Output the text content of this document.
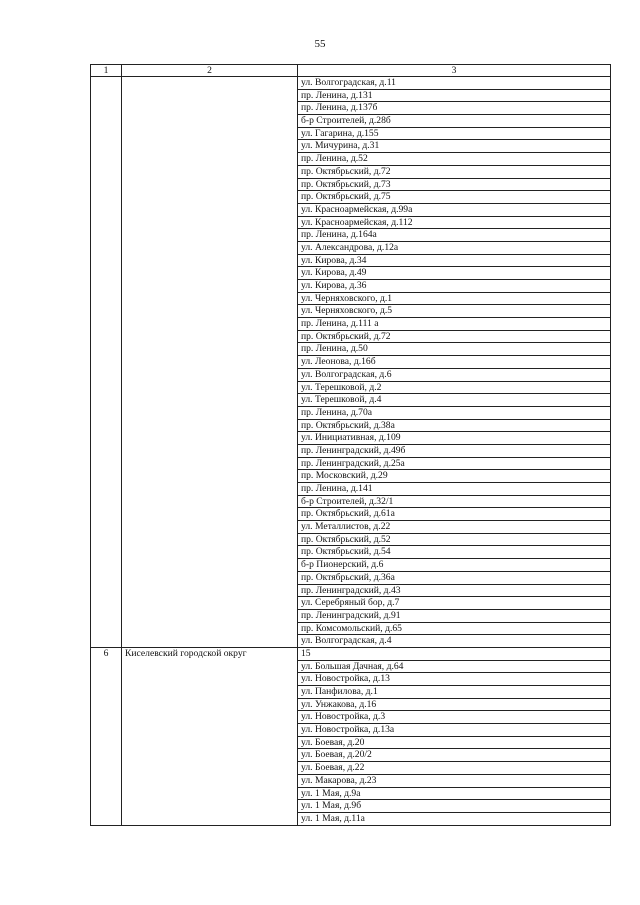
55
1	2	3
		ул. Волгоградская, д.11
		пр. Ленина, д.131
		пр. Ленина, д.137б
		б-р Строителей, д.28б
		ул. Гагарина, д.155
		ул. Мичурина, д.31
		пр. Ленина, д.52
		пр. Октябрьский, д.72
		пр. Октябрьский, д.73
		пр. Октябрьский, д.75
		ул. Красноармейская, д.99а
		ул. Красноармейская, д.112
		пр. Ленина, д.164а
		ул. Александрова, д.12а
		ул. Кирова, д.34
		ул. Кирова, д.49
		ул. Кирова, д.36
		ул. Черняховского, д.1
		ул. Черняховского, д.5
		пр. Ленина, д.111 а
		пр. Октябрьский, д.72
		пр. Ленина, д.50
		ул. Леонова, д.16б
		ул. Волгоградская, д.6
		ул. Терешковой, д.2
		ул. Терешковой, д.4
		пр. Ленина, д.70а
		пр. Октябрьский, д.38а
		ул. Инициативная, д.109
		пр. Ленинградский, д.49б
		пр. Ленинградский, д.25а
		пр. Московский, д.29
		пр. Ленина, д.141
		б-р Строителей, д.32/1
		пр. Октябрьский, д.61а
		ул. Металлистов, д.22
		пр. Октябрьский, д.52
		пр. Октябрьский, д.54
		б-р Пионерский, д.6
		пр. Октябрьский, д.36а
		пр. Ленинградский, д.43
		ул. Серебряный бор, д.7
		пр. Ленинградский, д.91
		пр. Комсомольский, д.65
		ул. Волгоградская, д.4
6	Киселевский городской округ	15
		ул. Большая Дачная, д.64
		ул. Новостройка, д.13
		ул. Панфилова, д.1
		ул. Унжакова, д.16
		ул. Новостройка, д.3
		ул. Новостройка, д.13а
		ул. Боевая, д.20
		ул. Боевая, д.20/2
		ул. Боевая, д.22
		ул. Макарова, д.23
		ул. 1 Мая, д.9а
		ул. 1 Мая, д.9б
		ул. 1 Мая, д.11а
